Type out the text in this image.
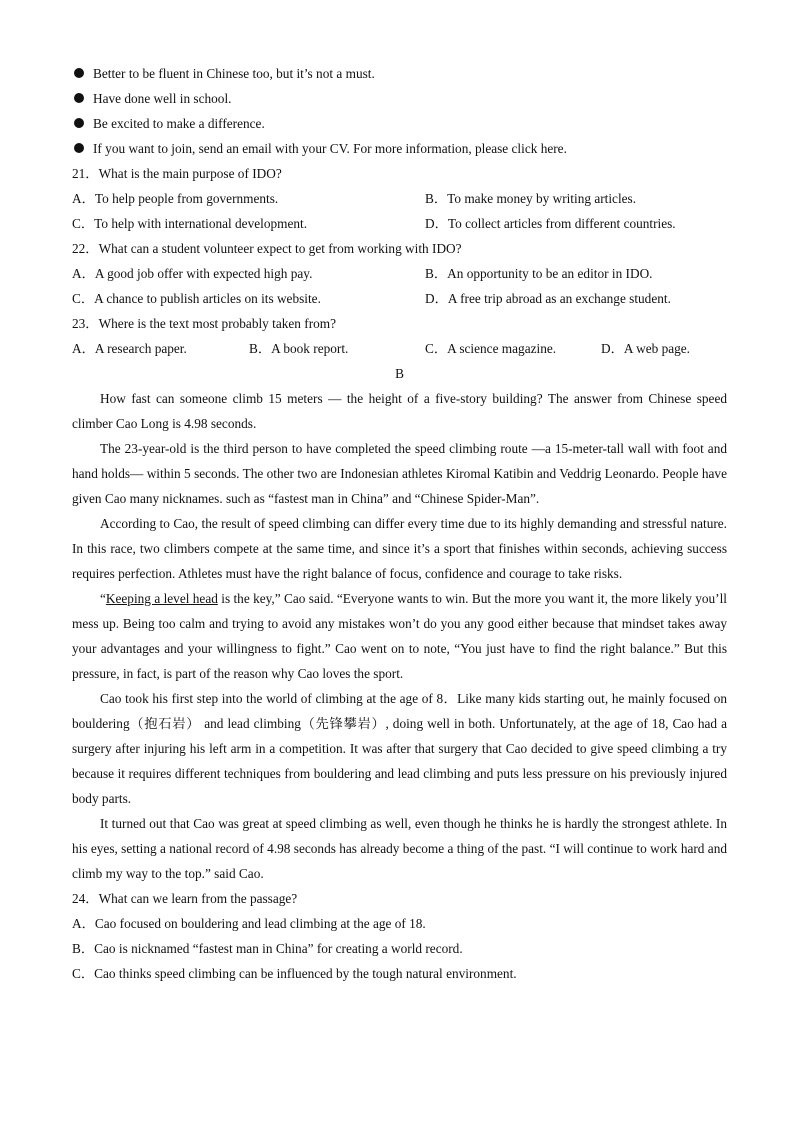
Better to be fluent in Chinese too, but it’s not a must.
Have done well in school.
Be excited to make a difference.
If you want to join, send an email with your CV. For more information, please click here.
21．What is the main purpose of IDO?
A．To help people from governments.	B．To make money by writing articles.
C．To help with international development.	D．To collect articles from different countries.
22．What can a student volunteer expect to get from working with IDO?
A．A good job offer with expected high pay.	B．An opportunity to be an editor in IDO.
C．A chance to publish articles on its website.	D．A free trip abroad as an exchange student.
23．Where is the text most probably taken from?
A．A research paper.	B．A book report.	C．A science magazine.	D．A web page.
B
How fast can someone climb 15 meters — the height of a five-story building? The answer from Chinese speed climber Cao Long is 4.98 seconds.
The 23-year-old is the third person to have completed the speed climbing route —a 15-meter-tall wall with foot and hand holds— within 5 seconds. The other two are Indonesian athletes Kiromal Katibin and Veddrig Leonardo. People have given Cao many nicknames. such as “fastest man in China” and “Chinese Spider-Man”.
According to Cao, the result of speed climbing can differ every time due to its highly demanding and stressful nature. In this race, two climbers compete at the same time, and since it’s a sport that finishes within seconds, achieving success requires perfection. Athletes must have the right balance of focus, confidence and courage to take risks.
“Keeping a level head is the key,” Cao said. “Everyone wants to win. But the more you want it, the more likely you’ll mess up. Being too calm and trying to avoid any mistakes won’t do you any good either because that mindset takes away your advantages and your willingness to fight.” Cao went on to note, “You just have to find the right balance.” But this pressure, in fact, is part of the reason why Cao loves the sport.
Cao took his first step into the world of climbing at the age of 8．Like many kids starting out, he mainly focused on bouldering（抱石岩） and lead climbing（先锋攀岩）, doing well in both. Unfortunately, at the age of 18, Cao had a surgery after injuring his left arm in a competition. It was after that surgery that Cao decided to give speed climbing a try because it requires different techniques from bouldering and lead climbing and puts less pressure on his previously injured body parts.
It turned out that Cao was great at speed climbing as well, even though he thinks he is hardly the strongest athlete. In his eyes, setting a national record of 4.98 seconds has already become a thing of the past. “I will continue to work hard and climb my way to the top.” said Cao.
24．What can we learn from the passage?
A．Cao focused on bouldering and lead climbing at the age of 18.
B．Cao is nicknamed “fastest man in China” for creating a world record.
C．Cao thinks speed climbing can be influenced by the tough natural environment.
